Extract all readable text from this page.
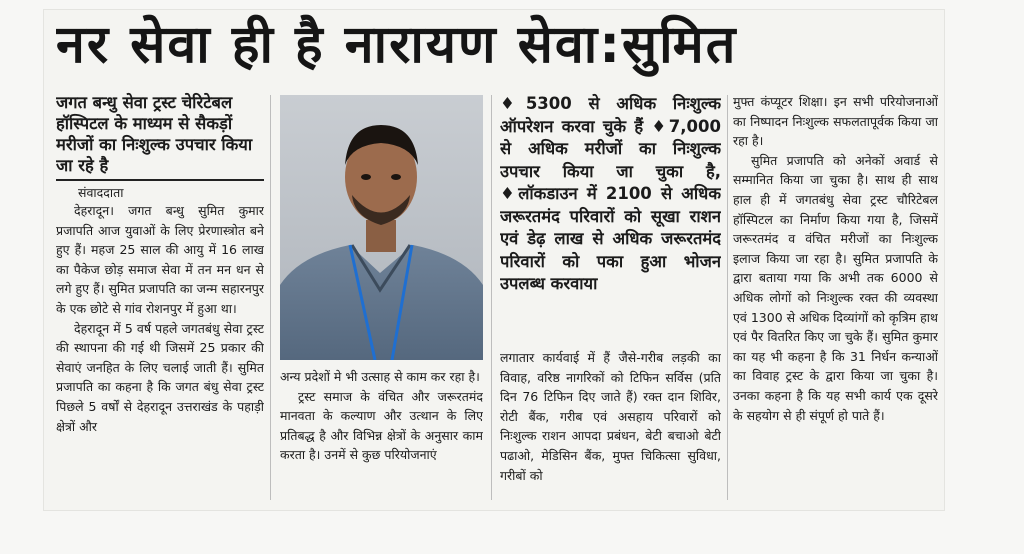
नर सेवा ही है नारायण सेवा:सुमित
जगत बन्धु सेवा ट्रस्ट चेरिटेबल हॉस्पिटल के माध्यम से सैकड़ों मरीजों का निःशुल्क उपचार किया जा रहे है
संवाददाता

देहरादून। जगत बन्धु सुमित कुमार प्रजापति आज युवाओं के लिए प्रेरणास्त्रोत बने हुए हैं। महज 25 साल की आयु में 16 लाख का पैकेज छोड़ समाज सेवा में तन मन धन से लगे हुए हैं। सुमित प्रजापति का जन्म सहारनपुर के एक छोटे से गांव रोशनपुर में हुआ था।

देहरादून में 5 वर्ष पहले जगतबंधु सेवा ट्रस्ट की स्थापना की गई थी जिसमें 25 प्रकार की सेवाएं जनहित के लिए चलाई जाती हैं। सुमित प्रजापति का कहना है कि जगत बंधु सेवा ट्रस्ट पिछले 5 वर्षों से देहरादून उत्तराखंड के पहाड़ी क्षेत्रों और

अन्य प्रदेशों मे भी उत्साह से काम कर रहा है।

ट्रस्ट समाज के वंचित और जरूरतमंद मानवता के कल्याण और उत्थान के लिए प्रतिबद्ध है और विभिन्न क्षेत्रों के अनुसार काम करता है। उनमें से कुछ परियोजनाएं

♦5300 से अधिक निःशुल्क ऑपरेशन करवा चुके हैं ♦7,000 से अधिक मरीजों का निःशुल्क उपचार किया जा चुका है, ♦लॉकडाउन में 2100 से अधिक जरूरतमंद परिवारों को सूखा राशन एवं डेढ़ लाख से अधिक जरूरतमंद परिवारों को पका हुआ भोजन उपलब्ध करवाया

लगातार कार्यवाई में हैं जैसे-गरीब लड़की का विवाह, वरिष्ठ नागरिकों को टिफिन सर्विस (प्रति दिन 76 टिफिन दिए जाते हैं) रक्त दान शिविर, रोटी बैंक, गरीब एवं असहाय परिवारों को निःशुल्क राशन आपदा प्रबंधन, बेटी बचाओ बेटी पढाओ, मेडिसिन बैंक, मुफ्त चिकित्सा सुविधा, गरीबों को

मुफ्त कंप्यूटर शिक्षा। इन सभी परियोजनाओं का निष्पादन निःशुल्क सफलतापूर्वक किया जा रहा है।

सुमित प्रजापति को अनेकों अवार्ड से सम्मानित किया जा चुका है। साथ ही साथ हाल ही में जगतबंधु सेवा ट्रस्ट चौरिटेबल हॉस्पिटल का निर्माण किया गया है, जिसमें जरूरतमंद व वंचित मरीजों का निःशुल्क इलाज किया जा रहा है। सुमित प्रजापति के द्वारा बताया गया कि अभी तक 6000 से अधिक लोगों को निःशुल्क रक्त की व्यवस्था एवं 1300 से अधिक दिव्यांगों को कृत्रिम हाथ एवं पैर वितरित किए जा चुके हैं। सुमित कुमार का यह भी कहना है कि 31 निर्धन कन्याओं का विवाह ट्रस्ट के द्वारा किया जा चुका है। उनका कहना है कि यह सभी कार्य एक दूसरे के सहयोग से ही संपूर्ण हो पाते हैं।
